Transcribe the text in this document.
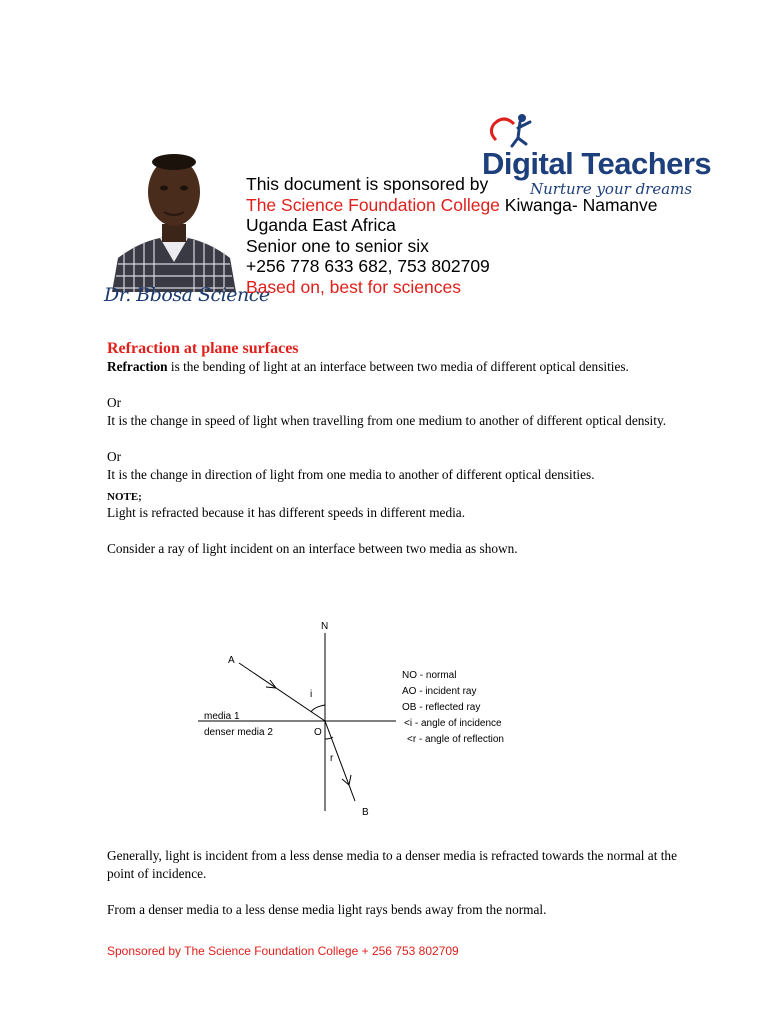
Dr. Bbosa Science
Digital Teachers
Nurture your dreams
This document is sponsored by
The Science Foundation College Kiwanga- Namanve
Uganda East Africa
Senior one to senior six
+256 778 633 682, 753 802709
Based on, best for sciences
Refraction at plane surfaces

Refraction is the bending of light at an interface between two media of different optical densities.

Or

It is the change in speed of light when travelling from one medium to another of different optical density.

Or

It is the change in direction of light from one media to another of different optical densities.

NOTE;

Light is refracted because it has different speeds in different media.

Consider a ray of light incident on an interface between two media as shown.

N
A
B
O
i
r
media 1
denser media 2
NO - normal
AO - incident ray
OB - reflected ray
<i - angle of incidence
<r - angle of reflection

Generally, light is incident from a less dense media to a denser media is refracted towards the normal at the point of incidence.

From a denser media to a less dense media light rays bends away from the normal.

Sponsored by The Science Foundation College + 256 753 802709
